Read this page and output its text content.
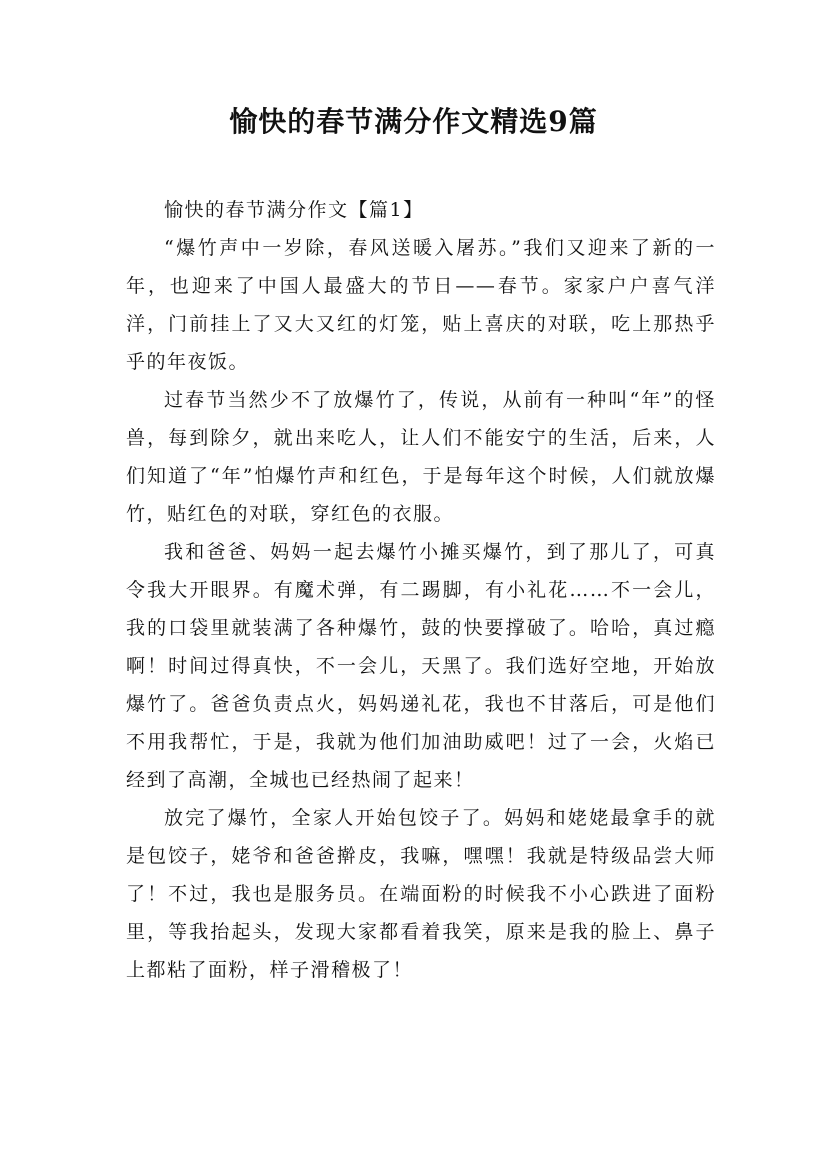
愉快的春节满分作文精选9篇

愉快的春节满分作文【篇1】

“爆竹声中一岁除，春风送暖入屠苏。”我们又迎来了新的一年，也迎来了中国人最盛大的节日——春节。家家户户喜气洋洋，门前挂上了又大又红的灯笼，贴上喜庆的对联，吃上那热乎乎的年夜饭。

过春节当然少不了放爆竹了，传说，从前有一种叫“年”的怪兽，每到除夕，就出来吃人，让人们不能安宁的生活，后来，人们知道了“年”怕爆竹声和红色，于是每年这个时候，人们就放爆竹，贴红色的对联，穿红色的衣服。

我和爸爸、妈妈一起去爆竹小摊买爆竹，到了那儿了，可真令我大开眼界。有魔术弹，有二踢脚，有小礼花……不一会儿，我的口袋里就装满了各种爆竹，鼓的快要撑破了。哈哈，真过瘾啊！时间过得真快，不一会儿，天黑了。我们选好空地，开始放爆竹了。爸爸负责点火，妈妈递礼花，我也不甘落后，可是他们不用我帮忙，于是，我就为他们加油助威吧！过了一会，火焰已经到了高潮，全城也已经热闹了起来！

放完了爆竹，全家人开始包饺子了。妈妈和姥姥最拿手的就是包饺子，姥爷和爸爸擀皮，我嘛，嘿嘿！我就是特级品尝大师了！不过，我也是服务员。在端面粉的时候我不小心跌进了面粉里，等我抬起头，发现大家都看着我笑，原来是我的脸上、鼻子上都粘了面粉，样子滑稽极了！
